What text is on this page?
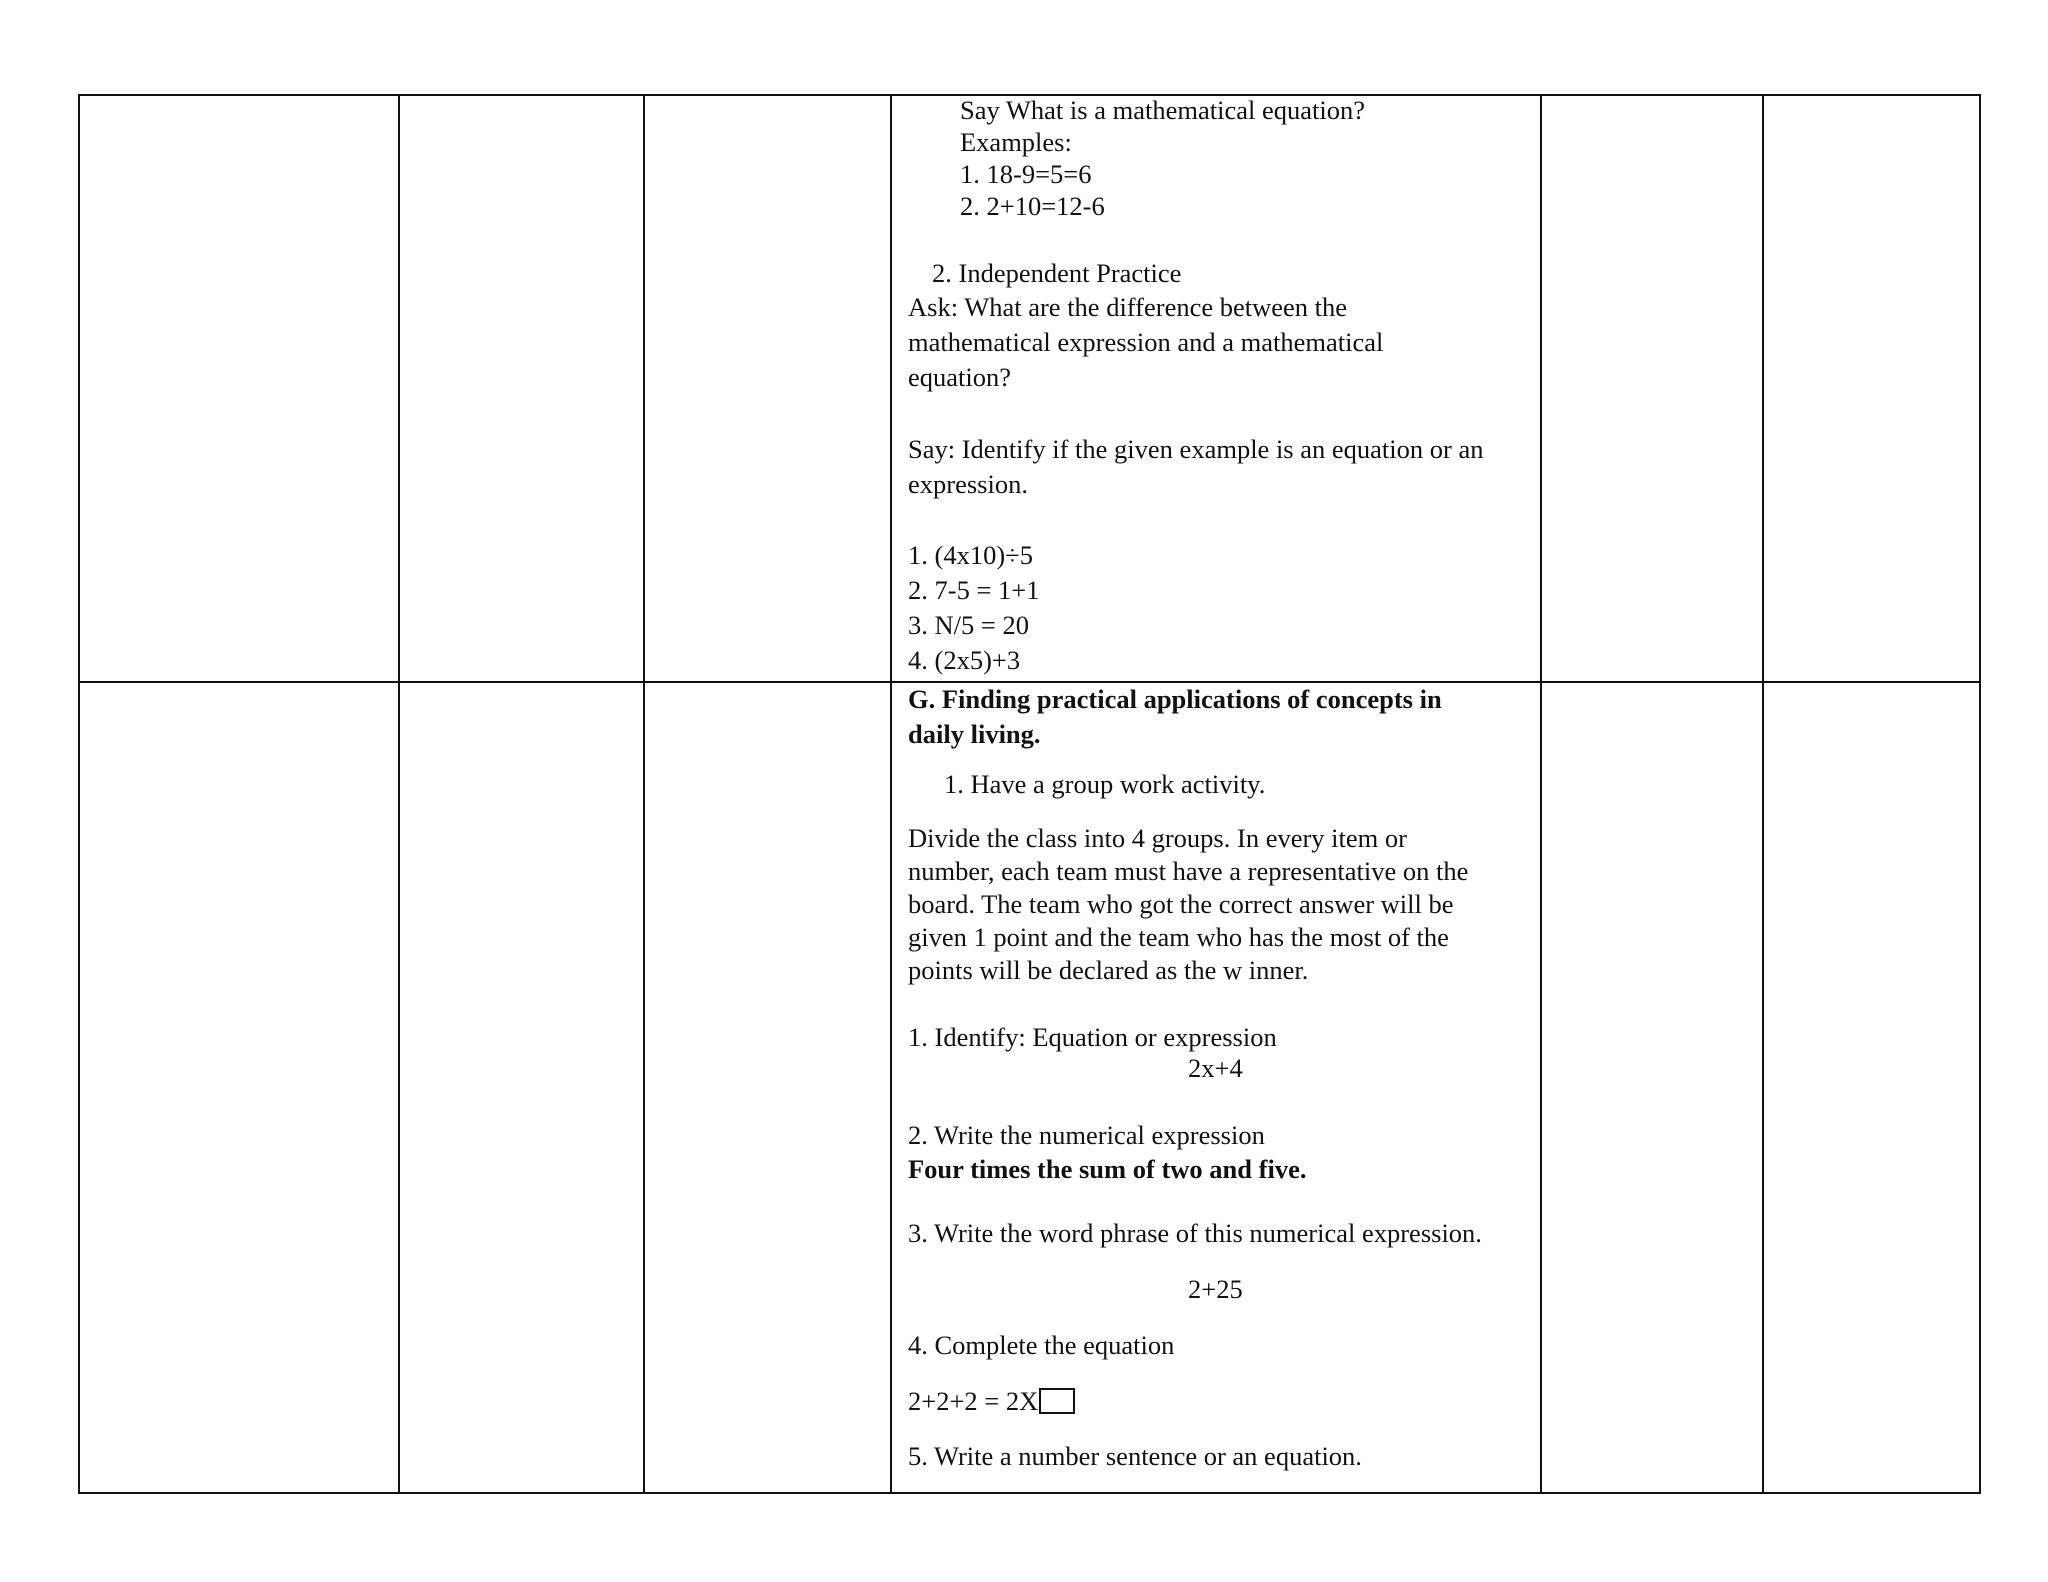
Say What is a mathematical equation?

Examples:

1. 18-9=5=6

2. 2+10=12-6

2. Independent Practice

Ask: What are the difference between the

mathematical expression and a mathematical

equation?

Say: Identify if the given example is an equation or an

expression.

1. (4x10)÷5

2. 7-5 = 1+1

3. N/5 = 20

4. (2x5)+3

G. Finding practical applications of concepts in

daily living.

1. Have a group work activity.

Divide the class into 4 groups. In every item or

number, each team must have a representative on the

board. The team who got the correct answer will be

given 1 point and the team who has the most of the

points will be declared as the w inner.

1. Identify: Equation or expression

2x+4

2. Write the numerical expression

Four times the sum of two and five.

3. Write the word phrase of this numerical expression.

2+25

4. Complete the equation

2+2+2 = 2X

5. Write a number sentence or an equation.
